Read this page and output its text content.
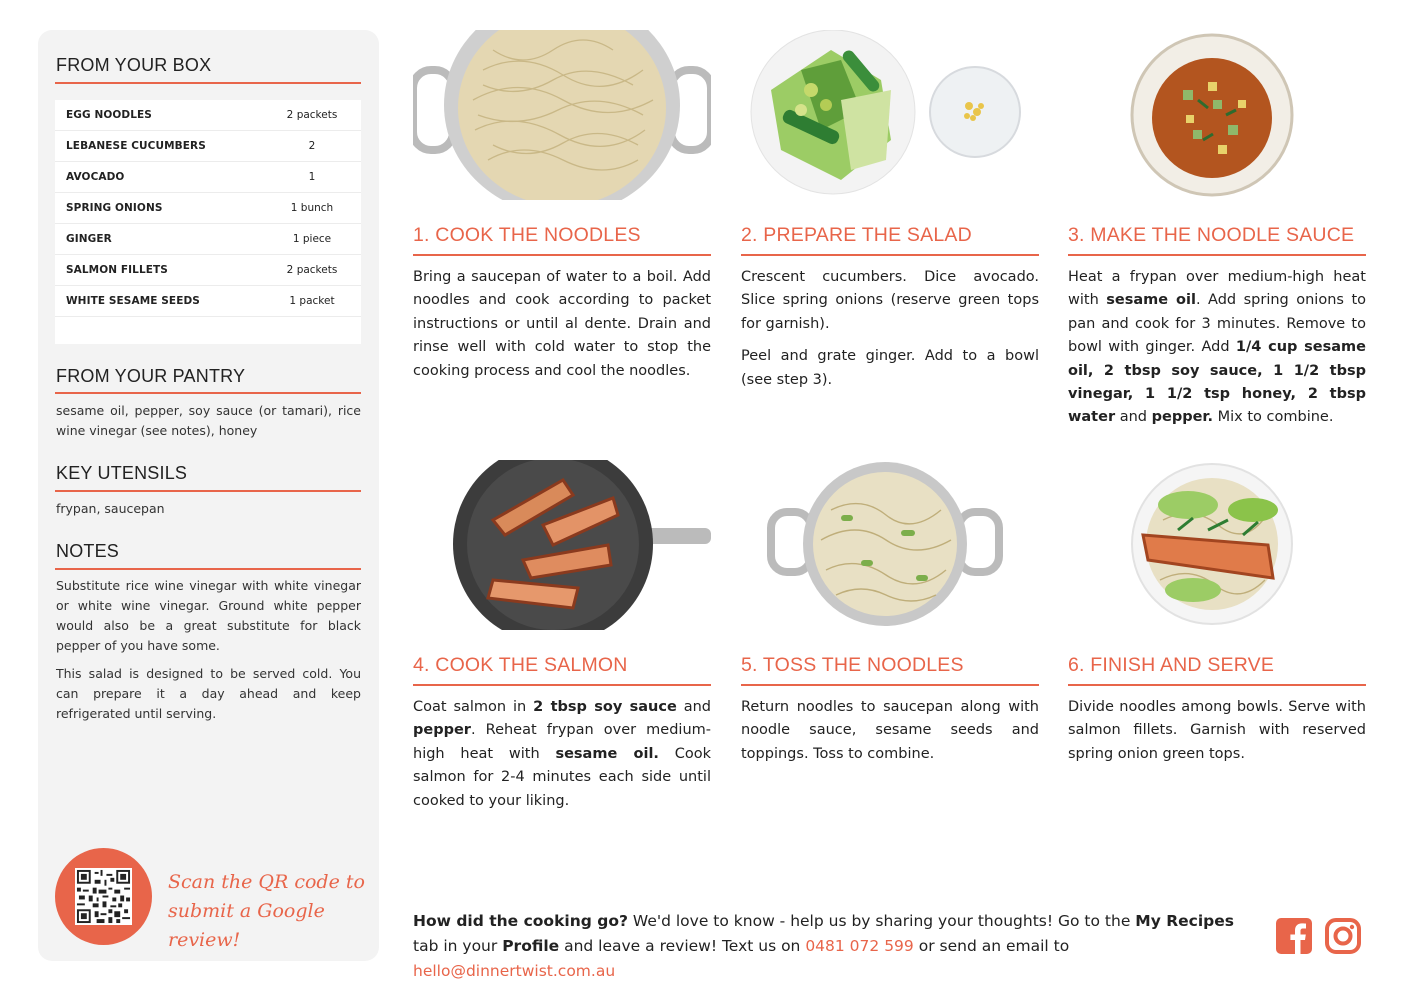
FROM YOUR BOX
EGG NOODLES	2 packets
LEBANESE CUCUMBERS	2
AVOCADO	1
SPRING ONIONS	1 bunch
GINGER	1 piece
SALMON FILLETS	2 packets
WHITE SESAME SEEDS	1 packet
FROM YOUR PANTRY
sesame oil, pepper, soy sauce (or tamari), rice wine vinegar (see notes), honey
KEY UTENSILS
frypan, saucepan
NOTES
Substitute rice wine vinegar with white vinegar or white wine vinegar. Ground white pepper would also be a great substitute for black pepper of you have some.
This salad is designed to be served cold. You can prepare it a day ahead and keep refrigerated until serving.
Scan the QR code to
submit a Google review!
1. COOK THE NOODLES

Bring a saucepan of water to a boil. Add noodles and cook according to packet instructions or until al dente. Drain and rinse well with cold water to stop the cooking process and cool the noodles.

2. PREPARE THE SALAD

Crescent cucumbers. Dice avocado. Slice spring onions (reserve green tops for garnish).

Peel and grate ginger. Add to a bowl (see step 3).

3. MAKE THE NOODLE SAUCE

Heat a frypan over medium-high heat with sesame oil. Add spring onions to pan and cook for 3 minutes. Remove to bowl with ginger. Add 1/4 cup sesame oil, 2 tbsp soy sauce, 1 1/2 tbsp vinegar, 1 1/2 tsp honey, 2 tbsp water and pepper. Mix to combine.

4. COOK THE SALMON

Coat salmon in 2 tbsp soy sauce and pepper. Reheat frypan over medium-high heat with sesame oil. Cook salmon for 2-4 minutes each side until cooked to your liking.

5. TOSS THE NOODLES

Return noodles to saucepan along with noodle sauce, sesame seeds and toppings. Toss to combine.

6. FINISH AND SERVE

Divide noodles among bowls. Serve with salmon fillets. Garnish with reserved spring onion green tops.

How did the cooking go? We'd love to know - help us by sharing your thoughts! Go to the My Recipes tab in your Profile and leave a review! Text us on 0481 072 599 or send an email to hello@dinnertwist.com.au
